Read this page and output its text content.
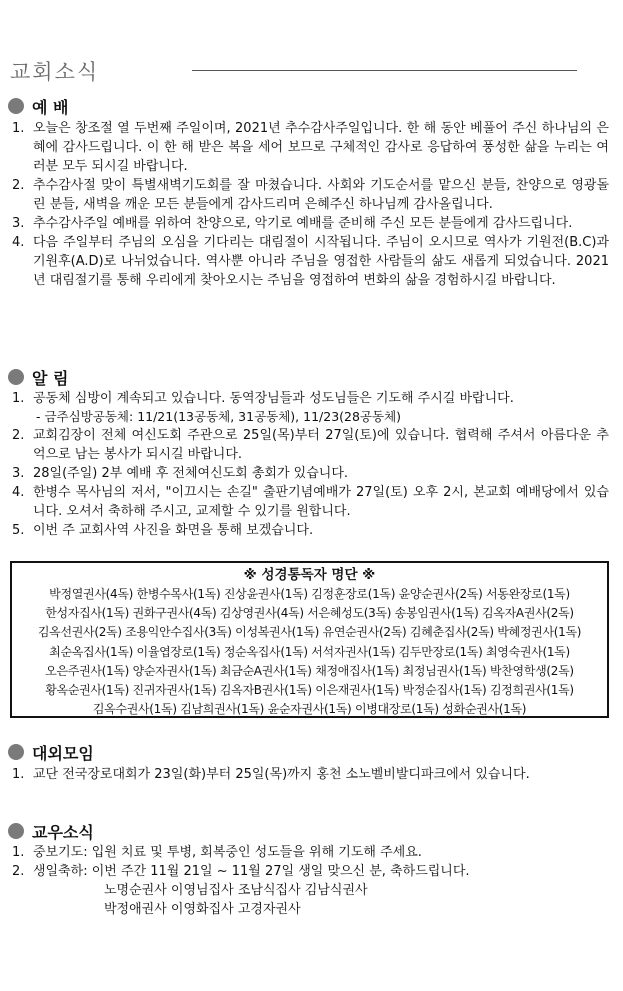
교회소식
예 배
1. 오늘은 창조절 열 두번째 주일이며, 2021년 추수감사주일입니다. 한 해 동안 베풀어 주신 하나님의 은혜에 감사드립니다. 이 한 해 받은 복을 세어 보므로 구체적인 감사로 응답하여 풍성한 삶을 누리는 여러분 모두 되시길 바랍니다.
2. 추수감사절 맞이 특별새벽기도회를 잘 마쳤습니다. 사회와 기도순서를 맡으신 분들, 찬양으로 영광돌린 분들, 새벽을 깨운 모든 분들에게 감사드리며 은혜주신 하나님께 감사올립니다.
3. 추수감사주일 예배를 위하여 찬양으로, 악기로 예배를 준비해 주신 모든 분들에게 감사드립니다.
4. 다음 주일부터 주님의 오심을 기다리는 대림절이 시작됩니다. 주님이 오시므로 역사가 기원전(B.C)과 기원후(A.D)로 나뉘었습니다. 역사뿐 아니라 주님을 영접한 사람들의 삶도 새롭게 되었습니다. 2021년 대림절기를 통해 우리에게 찾아오시는 주님을 영접하여 변화의 삶을 경험하시길 바랍니다.
알 림
1. 공동체 심방이 계속되고 있습니다. 동역장님들과 성도님들은 기도해 주시길 바랍니다.
- 금주심방공동체: 11/21(13공동체, 31공동체), 11/23(28공동체)
2. 교회김장이 전체 여신도회 주관으로 25일(목)부터 27일(토)에 있습니다. 협력해 주셔서 아름다운 추억으로 남는 봉사가 되시길 바랍니다.
3. 28일(주일) 2부 예배 후 전체여신도회 총회가 있습니다.
4. 한병수 목사님의 저서, "이끄시는 손길" 출판기념예배가 27일(토) 오후 2시, 본교회 예배당에서 있습니다. 오셔서 축하해 주시고, 교제할 수 있기를 원합니다.
5. 이번 주 교회사역 사진을 화면을 통해 보겠습니다.
※ 성경통독자 명단 ※
박정열권사(4독) 한병수목사(1독) 진상윤권사(1독) 김정훈장로(1독) 윤양순권사(2독) 서동완장로(1독)
한성자집사(1독) 권화구권사(4독) 김상영권사(4독) 서은혜성도(3독) 송봉임권사(1독) 김옥자A권사(2독)
김옥선권사(2독) 조용익안수집사(3독) 이성복권사(1독) 유연순권사(2독) 김혜춘집사(2독) 박혜정권사(1독)
최순옥집사(1독) 이율엽장로(1독) 정순옥집사(1독) 서석자권사(1독) 김두만장로(1독) 최영숙권사(1독)
오은주권사(1독) 양순자권사(1독) 최금순A권사(1독) 채정애집사(1독) 최정님권사(1독) 박찬영학생(2독)
황옥순권사(1독) 진귀자권사(1독) 김옥자B권사(1독) 이은재권사(1독) 박정순집사(1독) 김정희권사(1독)
김옥수권사(1독) 김남희권사(1독) 윤순자권사(1독) 이병대장로(1독) 성화순권사(1독)
대외모임
1. 교단 전국장로대회가 23일(화)부터 25일(목)까지 홍천 소노벨비발디파크에서 있습니다.
교우소식
1. 중보기도: 입원 치료 및 투병, 회복중인 성도들을 위해 기도해 주세요.
2. 생일축하: 이번 주간 11월 21일 ~ 11월 27일 생일 맞으신 분, 축하드립니다.
노명순권사 이영님집사 조남식집사 김남식권사
박정애권사 이영화집사 고경자권사
